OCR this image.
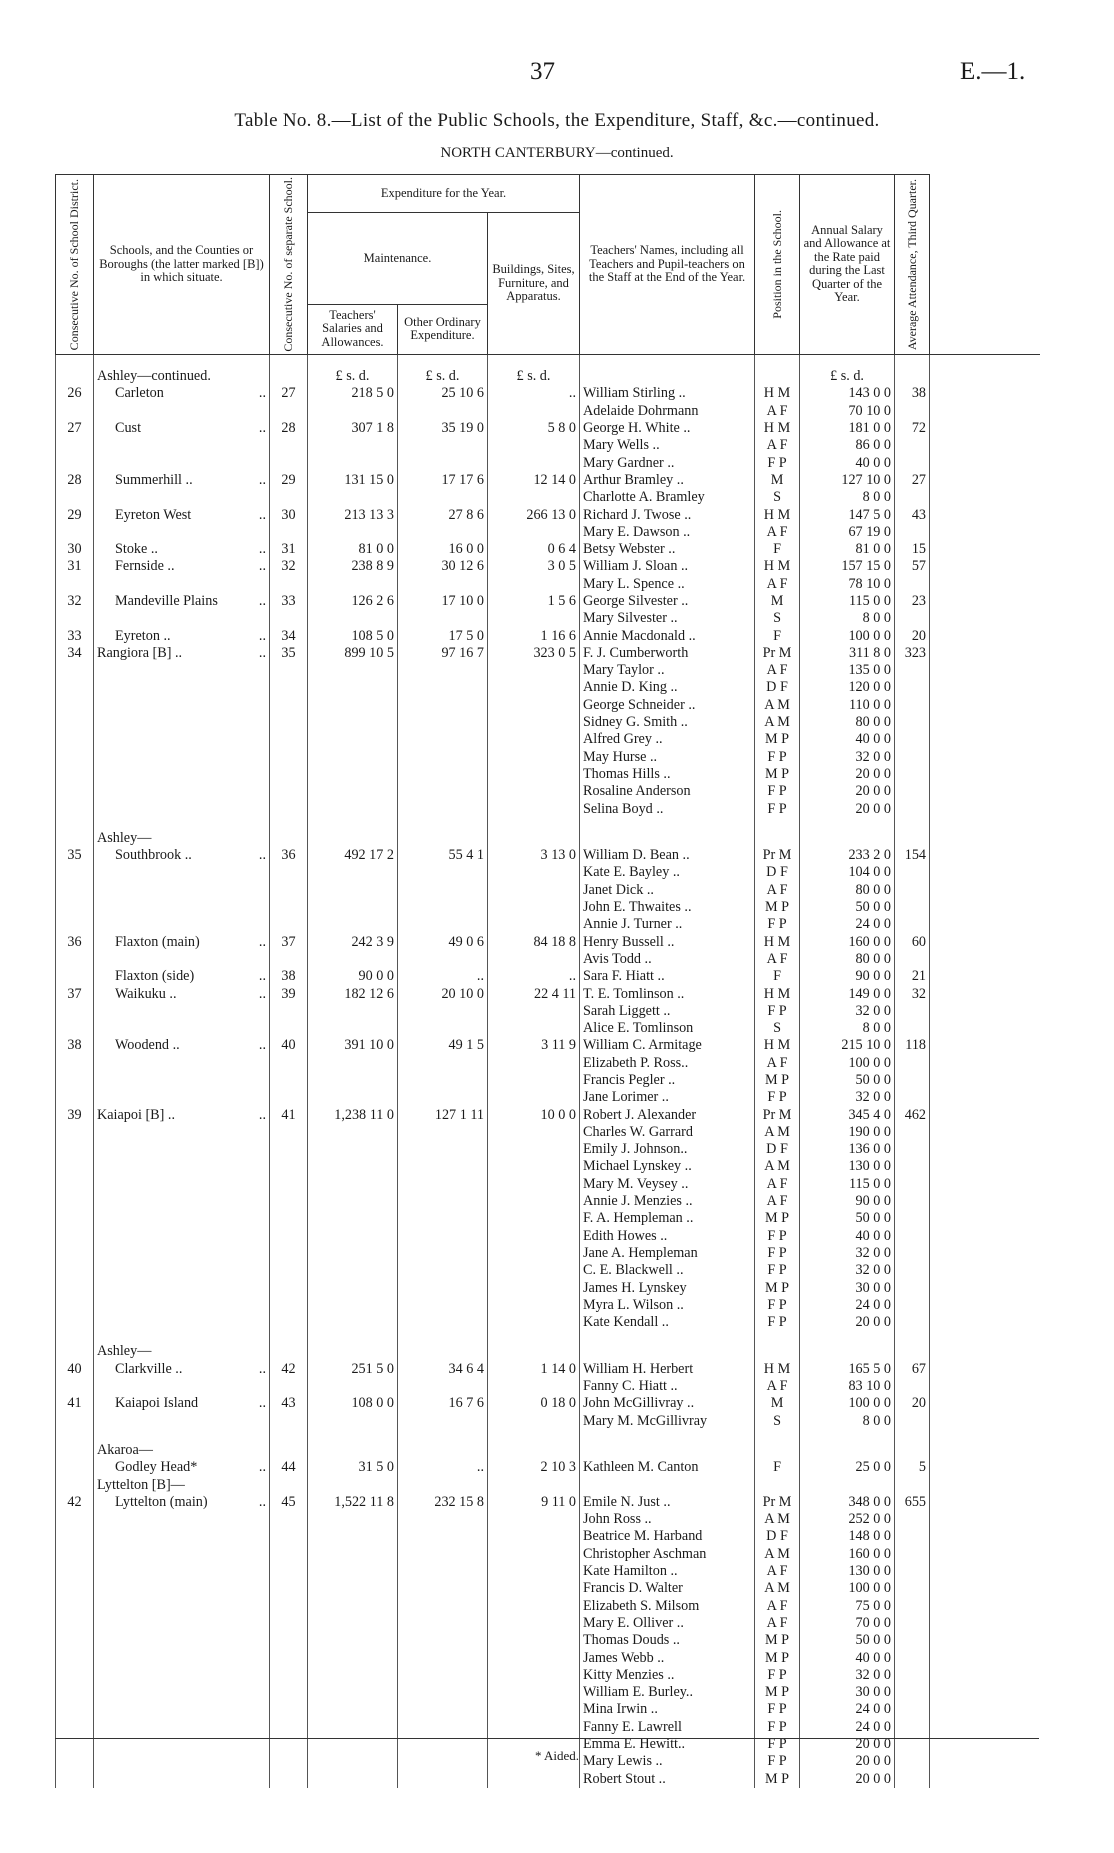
37	E.—1.
Table No. 8.—List of the Public Schools, the Expenditure, Staff, &c.—continued.
NORTH CANTERBURY—continued.
Consecutive No. of School District.	Schools, and the Counties or Boroughs (the latter marked [B]) in which situate.	Consecutive No. of separate School.	Expenditure for the Year.			Teachers' Names, including all Teachers and Pupil-teachers on the Staff at the End of the Year.	Position in the School.	Annual Salary and Allowance at the Rate paid during the Last Quarter of the Year.	Average Attendance, Third Quarter.	

			Maintenance.		Buildings, Sites, Furniture, and Apparatus.					
			Teachers' Salaries and Allowances.	Other Ordinary Expenditure.						

	Ashley—continued.		£ s. d.	£ s. d.	£ s. d.			£ s. d.		
26	Carleton ..	27	218 5 0	25 10 6	..	William Stirling ..	H M	143 0 0	38	
						Adelaide Dohrmann	A F	70 10 0		
27	Cust ..	28	307 1 8	35 19 0	5 8 0	George H. White ..	H M	181 0 0	72	
						Mary Wells ..	A F	86 0 0		
						Mary Gardner ..	F P	40 0 0		
28	Summerhill .. ..	29	131 15 0	17 17 6	12 14 0	Arthur Bramley ..	M	127 10 0	27	
						Charlotte A. Bramley	S	8 0 0		
29	Eyreton West ..	30	213 13 3	27 8 6	266 13 0	Richard J. Twose ..	H M	147 5 0	43	
						Mary E. Dawson ..	A F	67 19 0		
30	Stoke .. ..	31	81 0 0	16 0 0	0 6 4	Betsy Webster ..	F	81 0 0	15	
31	Fernside .. ..	32	238 8 9	30 12 6	3 0 5	William J. Sloan ..	H M	157 15 0	57	
						Mary L. Spence ..	A F	78 10 0		
32	Mandeville Plains ..	33	126 2 6	17 10 0	1 5 6	George Silvester ..	M	115 0 0	23	
						Mary Silvester ..	S	8 0 0		
33	Eyreton .. ..	34	108 5 0	17 5 0	1 16 6	Annie Macdonald ..	F	100 0 0	20	
34	Rangiora [B] .. ..	35	899 10 5	97 16 7	323 0 5	F. J. Cumberworth	Pr M	311 8 0	323	
						Mary Taylor ..	A F	135 0 0		
						Annie D. King ..	D F	120 0 0		
						George Schneider ..	A M	110 0 0		
						Sidney G. Smith ..	A M	80 0 0		
						Alfred Grey ..	M P	40 0 0		
						May Hurse ..	F P	32 0 0		
						Thomas Hills ..	M P	20 0 0		
						Rosaline Anderson	F P	20 0 0		
						Selina Boyd ..	F P	20 0 0		

	Ashley—									
35	Southbrook .. ..	36	492 17 2	55 4 1	3 13 0	William D. Bean ..	Pr M	233 2 0	154	
						Kate E. Bayley ..	D F	104 0 0		
						Janet Dick ..	A F	80 0 0		
						John E. Thwaites ..	M P	50 0 0		
						Annie J. Turner ..	F P	24 0 0		
36	Flaxton (main) ..	37	242 3 9	49 0 6	84 18 8	Henry Bussell ..	H M	160 0 0	60	
						Avis Todd ..	A F	80 0 0		
	Flaxton (side) ..	38	90 0 0	..	..	Sara F. Hiatt ..	F	90 0 0	21	
37	Waikuku .. ..	39	182 12 6	20 10 0	22 4 11	T. E. Tomlinson ..	H M	149 0 0	32	
						Sarah Liggett ..	F P	32 0 0		
						Alice E. Tomlinson	S	8 0 0		
38	Woodend .. ..	40	391 10 0	49 1 5	3 11 9	William C. Armitage	H M	215 10 0	118	
						Elizabeth P. Ross..	A F	100 0 0		
						Francis Pegler ..	M P	50 0 0		
						Jane Lorimer ..	F P	32 0 0		
39	Kaiapoi [B] .. ..	41	1,238 11 0	127 1 11	10 0 0	Robert J. Alexander	Pr M	345 4 0	462	
						Charles W. Garrard	A M	190 0 0		
						Emily J. Johnson..	D F	136 0 0		
						Michael Lynskey ..	A M	130 0 0		
						Mary M. Veysey ..	A F	115 0 0		
						Annie J. Menzies ..	A F	90 0 0		
						F. A. Hempleman ..	M P	50 0 0		
						Edith Howes ..	F P	40 0 0		
						Jane A. Hempleman	F P	32 0 0		
						C. E. Blackwell ..	F P	32 0 0		
						James H. Lynskey	M P	30 0 0		
						Myra L. Wilson ..	F P	24 0 0		
						Kate Kendall ..	F P	20 0 0		

	Ashley—									
40	Clarkville .. ..	42	251 5 0	34 6 4	1 14 0	William H. Herbert	H M	165 5 0	67	
						Fanny C. Hiatt ..	A F	83 10 0		
41	Kaiapoi Island ..	43	108 0 0	16 7 6	0 18 0	John McGillivray ..	M	100 0 0	20	
						Mary M. McGillivray	S	8 0 0		

	Akaroa—									
	Godley Head* ..	44	31 5 0	..	2 10 3	Kathleen M. Canton	F	25 0 0	5	
	Lyttelton [B]—									
42	Lyttelton (main) ..	45	1,522 11 8	232 15 8	9 11 0	Emile N. Just ..	Pr M	348 0 0	655	
						John Ross ..	A M	252 0 0		
						Beatrice M. Harband	D F	148 0 0		
						Christopher Aschman	A M	160 0 0		
						Kate Hamilton ..	A F	130 0 0		
						Francis D. Walter	A M	100 0 0		
						Elizabeth S. Milsom	A F	75 0 0		
						Mary E. Olliver ..	A F	70 0 0		
						Thomas Douds ..	M P	50 0 0		
						James Webb ..	M P	40 0 0		
						Kitty Menzies ..	F P	32 0 0		
						William E. Burley..	M P	30 0 0		
						Mina Irwin ..	F P	24 0 0		
						Fanny E. Lawrell	F P	24 0 0		
						Emma E. Hewitt..	F P	20 0 0		
						Mary Lewis ..	F P	20 0 0		
						Robert Stout ..	M P	20 0 0		
* Aided.
